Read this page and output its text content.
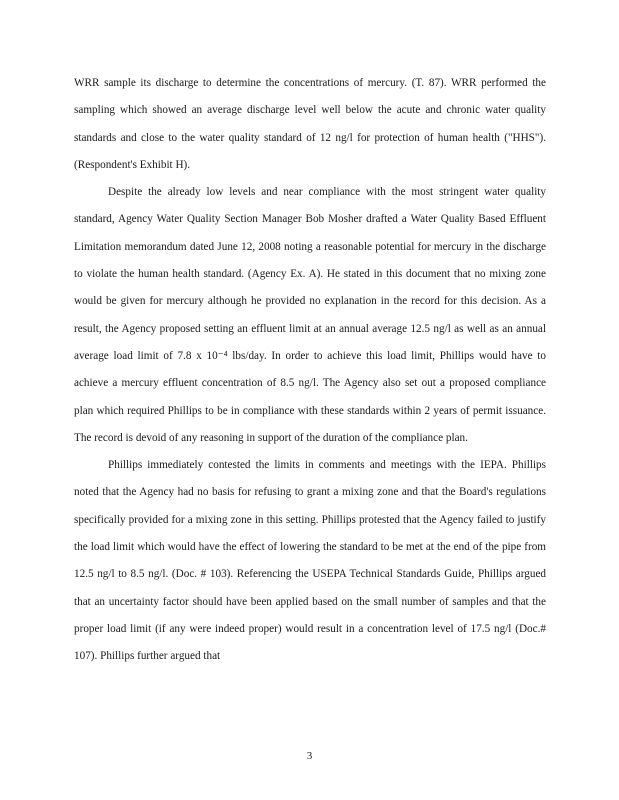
WRR sample its discharge to determine the concentrations of mercury. (T. 87). WRR performed the sampling which showed an average discharge level well below the acute and chronic water quality standards and close to the water quality standard of 12 ng/l for protection of human health ("HHS"). (Respondent's Exhibit H).

Despite the already low levels and near compliance with the most stringent water quality standard, Agency Water Quality Section Manager Bob Mosher drafted a Water Quality Based Effluent Limitation memorandum dated June 12, 2008 noting a reasonable potential for mercury in the discharge to violate the human health standard. (Agency Ex. A). He stated in this document that no mixing zone would be given for mercury although he provided no explanation in the record for this decision. As a result, the Agency proposed setting an effluent limit at an annual average 12.5 ng/l as well as an annual average load limit of 7.8 x 10⁻⁴ lbs/day. In order to achieve this load limit, Phillips would have to achieve a mercury effluent concentration of 8.5 ng/l. The Agency also set out a proposed compliance plan which required Phillips to be in compliance with these standards within 2 years of permit issuance. The record is devoid of any reasoning in support of the duration of the compliance plan.

Phillips immediately contested the limits in comments and meetings with the IEPA. Phillips noted that the Agency had no basis for refusing to grant a mixing zone and that the Board's regulations specifically provided for a mixing zone in this setting. Phillips protested that the Agency failed to justify the load limit which would have the effect of lowering the standard to be met at the end of the pipe from 12.5 ng/l to 8.5 ng/l. (Doc. # 103). Referencing the USEPA Technical Standards Guide, Phillips argued that an uncertainty factor should have been applied based on the small number of samples and that the proper load limit (if any were indeed proper) would result in a concentration level of 17.5 ng/l (Doc.# 107). Phillips further argued that

3
